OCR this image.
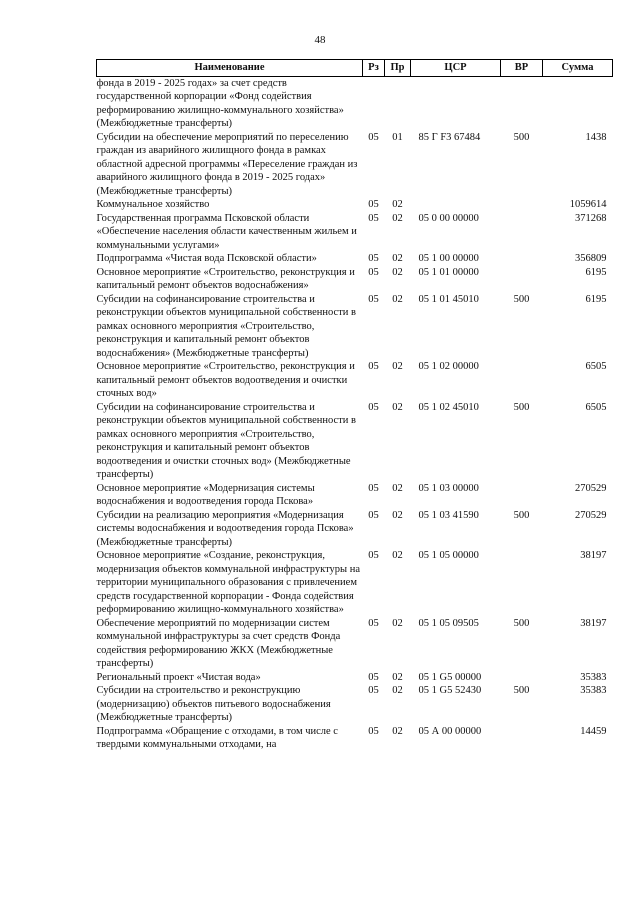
48
Наименование	Рз	Пр	ЦСР	ВР	Сумма
фонда в 2019 - 2025 годах» за счет средств государственной корпорации «Фонд содействия реформированию жилищно-коммунального хозяйства» (Межбюджетные трансферты)					
Субсидии на обеспечение мероприятий по переселению граждан из аварийного жилищного фонда в рамках областной адресной программы «Переселение граждан из аварийного жилищного фонда в 2019 - 2025 годах» (Межбюджетные трансферты)	05	01	85 Г F3 67484	500	1438
Коммунальное хозяйство	05	02			1059614
Государственная программа Псковской области «Обеспечение населения области качественным жильем и коммунальными услугами»	05	02	05 0 00 00000		371268
Подпрограмма «Чистая вода Псковской области»	05	02	05 1 00 00000		356809
Основное мероприятие «Строительство, реконструкция и капитальный ремонт объектов водоснабжения»	05	02	05 1 01 00000		6195
Субсидии на софинансирование строительства и реконструкции объектов муниципальной собственности в рамках основного мероприятия «Строительство, реконструкция и капитальный ремонт объектов водоснабжения» (Межбюджетные трансферты)	05	02	05 1 01 45010	500	6195
Основное мероприятие «Строительство, реконструкция и капитальный ремонт объектов водоотведения и очистки сточных вод»	05	02	05 1 02 00000		6505
Субсидии на софинансирование строительства и реконструкции объектов муниципальной собственности в рамках основного мероприятия «Строительство, реконструкция и капитальный ремонт объектов водоотведения и очистки сточных вод» (Межбюджетные трансферты)	05	02	05 1 02 45010	500	6505
Основное мероприятие «Модернизация системы водоснабжения и водоотведения города Пскова»	05	02	05 1 03 00000		270529
Субсидии на реализацию мероприятия «Модернизация системы водоснабжения и водоотведения города Пскова» (Межбюджетные трансферты)	05	02	05 1 03 41590	500	270529
Основное мероприятие «Создание, реконструкция, модернизация объектов коммунальной инфраструктуры на территории муниципального образования с привлечением средств государственной корпорации - Фонда содействия реформированию жилищно-коммунального хозяйства»	05	02	05 1 05 00000		38197
Обеспечение мероприятий по модернизации систем коммунальной инфраструктуры за счет средств Фонда содействия реформированию ЖКХ (Межбюджетные трансферты)	05	02	05 1 05 09505	500	38197
Региональный проект «Чистая вода»	05	02	05 1 G5 00000		35383
Субсидии на строительство и реконструкцию (модернизацию) объектов питьевого водоснабжения (Межбюджетные трансферты)	05	02	05 1 G5 52430	500	35383
Подпрограмма «Обращение с отходами, в том числе с твердыми коммунальными отходами, на	05	02	05 А 00 00000		14459
